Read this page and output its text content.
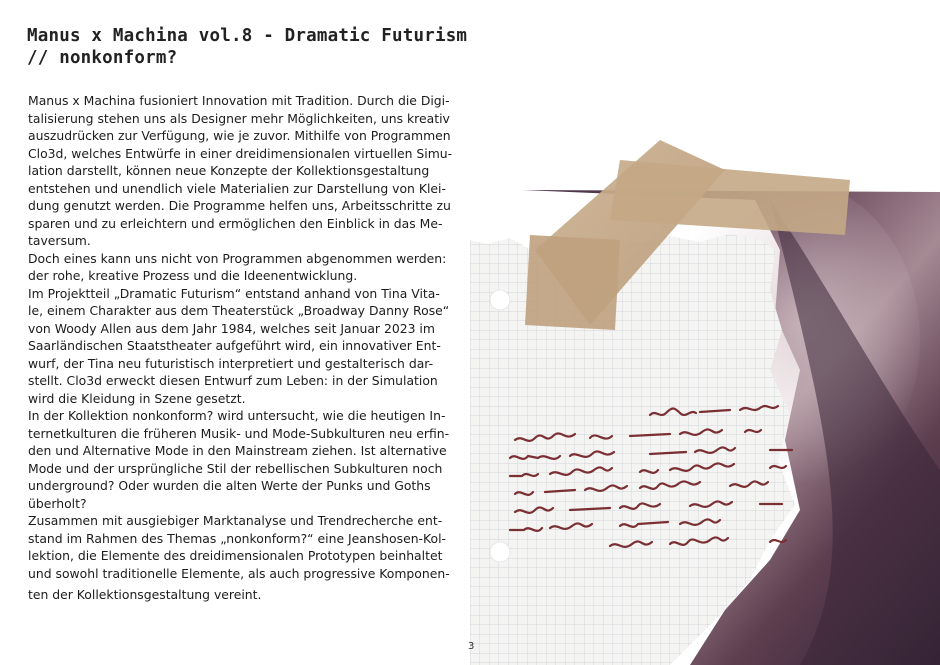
Manus x Machina vol.8 - Dramatic Futurism
// nonkonform?
Manus x Machina fusioniert Innovation mit Tradition. Durch die Digi-
talisierung stehen uns als Designer mehr Möglichkeiten, uns kreativ
auszudrücken zur Verfügung, wie je zuvor. Mithilfe von Programmen
Clo3d, welches Entwürfe in einer dreidimensionalen virtuellen Simu-
lation darstellt, können neue Konzepte der Kollektionsgestaltung
entstehen und unendlich viele Materialien zur Darstellung von Klei-
dung genutzt werden. Die Programme helfen uns, Arbeitsschritte zu
sparen und zu erleichtern und ermöglichen den Einblick in das Me-
taversum.
Doch eines kann uns nicht von Programmen abgenommen werden:
der rohe, kreative Prozess und die Ideenentwicklung.
Im Projektteil „Dramatic Futurism“ entstand anhand von Tina Vita-
le, einem Charakter aus dem Theaterstück „Broadway Danny Rose“
von Woody Allen aus dem Jahr 1984, welches seit Januar 2023 im
Saarländischen Staatstheater aufgeführt wird, ein innovativer Ent-
wurf, der Tina neu futuristisch interpretiert und gestalterisch dar-
stellt. Clo3d erweckt diesen Entwurf zum Leben: in der Simulation
wird die Kleidung in Szene gesetzt.
In der Kollektion nonkonform? wird untersucht, wie die heutigen In-
ternetkulturen die früheren Musik- und Mode-Subkulturen neu erfin-
den und Alternative Mode in den Mainstream ziehen. Ist alternative
Mode und der ursprüngliche Stil der rebellischen Subkulturen noch
underground? Oder wurden die alten Werte der Punks und Goths
überholt?
Zusammen mit ausgiebiger Marktanalyse und Trendrecherche ent-
stand im Rahmen des Themas „nonkonform?“ eine Jeanshosen-Kol-
lektion, die Elemente des dreidimensionalen Prototypen beinhaltet
und sowohl traditionelle Elemente, als auch progressive Komponen-
ten der Kollektionsgestaltung vereint.
3
